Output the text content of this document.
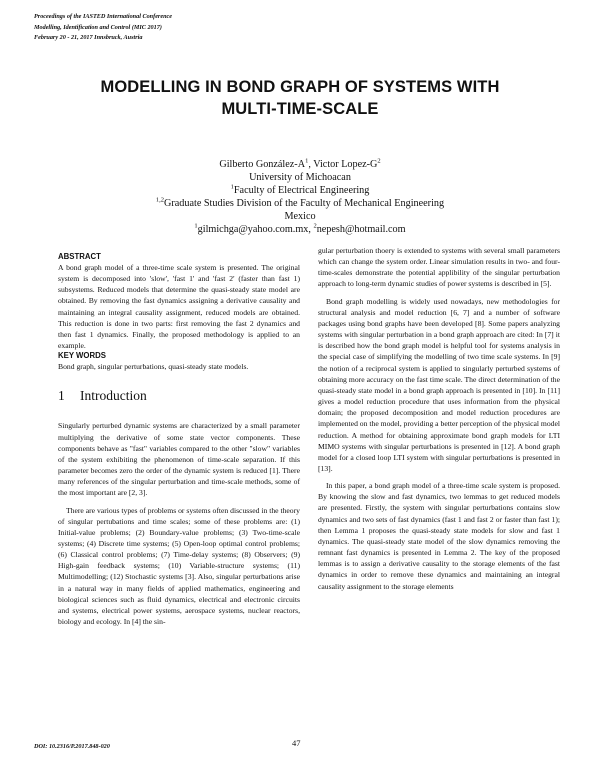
Proceedings of the IASTED International Conference
Modelling, Identification and Control (MIC 2017)
February 20 - 21, 2017 Innsbruck, Austria
MODELLING IN BOND GRAPH OF SYSTEMS WITH
MULTI-TIME-SCALE
Gilberto González-$A^1$, Victor Lopez-$G^2$
University of Michoacan
$^1$Faculty of Electrical Engineering
$^{1,2}$Graduate Studies Division of the Faculty of Mechanical Engineering
Mexico
$^1$gilmichga@yahoo.com.mx, $^2$nepesh@hotmail.com
ABSTRACT

A bond graph model of a three-time scale system is presented. The original system is decomposed into 'slow', 'fast 1' and 'fast 2' (faster than fast 1) subsystems. Reduced models that determine the quasi-steady state model are obtained. By removing the fast dynamics assigning a derivative causality and maintaining an integral causality assignment, reduced models are obtained. This reduction is done in two parts: first removing the fast 2 dynamics and then fast 1 dynamics. Finally, the proposed methodology is applied to an example.

KEY WORDS

Bond graph, singular perturbations, quasi-steady state models.

1 Introduction

Singularly perturbed dynamic systems are characterized by a small parameter multiplying the derivative of some state vector components. These components behave as "fast" variables compared to the other "slow" variables of the system exhibiting the phenomenon of time-scale separation. If this parameter becomes zero the order of the dynamic system is reduced [1]. There many references of the singular perturbation and time-scale methods, some of the most important are [2, 3].

There are various types of problems or systems often discussed in the theory of singular pertubations and time scales; some of these problems are: (1) Initial-value problems; (2) Boundary-value problems; (3) Two-time-scale systems; (4) Discrete time systems; (5) Open-loop optimal control problems; (6) Classical control problems; (7) Time-delay systems; (8) Observers; (9) High-gain feedback systems; (10) Variable-structure systems; (11) Multimodelling; (12) Stochastic systems [3]. Also, singular perturbations arise in a natural way in many fields of applied mathematics, engineering and biological sciences such as fluid dynamics, electrical and electronic circuits and systems, electrical power systems, aerospace systems, nuclear reactors, biology and ecology. In [4] the sin-

gular perturbation thoery is extended to systems with several small parameters which can change the system order. Linear simulation results in two- and four-time-scales demonstrate the potential applibility of the singular perturbation approach to long-term dynamic studies of power systems is described in [5].

Bond graph modelling is widely used nowadays, new methodologies for structural analysis and model reduction [6, 7] and a number of software packages using bond graphs have been developed [8]. Some papers analyzing systems with singular perturbation in a bond graph approach are cited: In [7] it is described how the bond graph model is helpful tool for systems analysis in the special case of simplifying the modelling of two time scale systems. In [9] the notion of a reciprocal system is applied to singularly perturbed systems of obtaining more accuracy on the fast time scale. The direct determination of the quasi-steady state model in a bond graph approach is presented in [10]. In [11] gives a model reduction procedure that uses information from the physical domain; the proposed decomposition and model reduction procedures are implemented on the model, providing a better perception of the physical model reduction. A method for obtaining approximate bond graph models for LTI MIMO systems with singular perturbations is presented in [12]. A bond graph model for a closed loop LTI system with singular perturbations is presented in [13].

In this paper, a bond graph model of a three-time scale system is proposed. By knowing the slow and fast dynamics, two lemmas to get reduced models are presented. Firstly, the system with singular perturbations contains slow dynamics and two sets of fast dynamics (fast 1 and fast 2 or faster than fast 1); then Lemma 1 proposes the quasi-steady state models for slow and fast 1 dynamics. The quasi-steady state model of the slow dynamics removing the remnant fast dynamics is presented in Lemma 2. The key of the proposed lemmas is to assign a derivative causality to the storage elements of the fast dynamics in order to remove these dynamics and maintaining an integral causality assignment to the storage elements

DOI: 10.2316/P.2017.848-020	47
